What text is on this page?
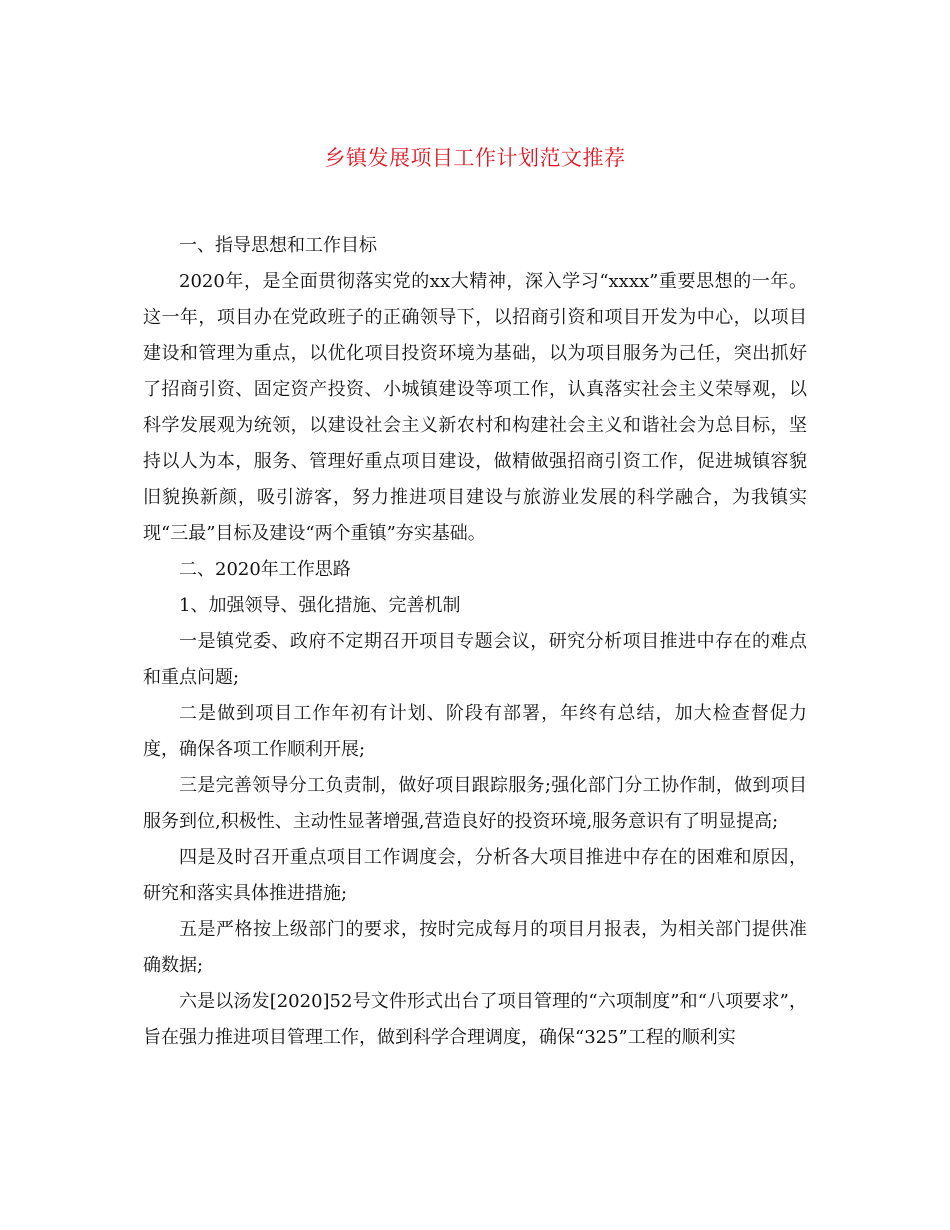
乡镇发展项目工作计划范文推荐

一、指导思想和工作目标

2020年，是全面贯彻落实党的xx大精神，深入学习“xxxx”重要思想的一年。这一年，项目办在党政班子的正确领导下，以招商引资和项目开发为中心，以项目建设和管理为重点，以优化项目投资环境为基础，以为项目服务为己任，突出抓好了招商引资、固定资产投资、小城镇建设等项工作，认真落实社会主义荣辱观，以科学发展观为统领，以建设社会主义新农村和构建社会主义和谐社会为总目标，坚持以人为本，服务、管理好重点项目建设，做精做强招商引资工作，促进城镇容貌旧貌换新颜，吸引游客，努力推进项目建设与旅游业发展的科学融合，为我镇实现“三最”目标及建设“两个重镇”夯实基础。

二、2020年工作思路

1、加强领导、强化措施、完善机制

一是镇党委、政府不定期召开项目专题会议，研究分析项目推进中存在的难点和重点问题;

二是做到项目工作年初有计划、阶段有部署，年终有总结，加大检查督促力度，确保各项工作顺利开展;

三是完善领导分工负责制，做好项目跟踪服务;强化部门分工协作制，做到项目服务到位,积极性、主动性显著增强,营造良好的投资环境,服务意识有了明显提高;

四是及时召开重点项目工作调度会，分析各大项目推进中存在的困难和原因，研究和落实具体推进措施;

五是严格按上级部门的要求，按时完成每月的项目月报表，为相关部门提供准确数据;

六是以汤发[2020]52号文件形式出台了项目管理的“六项制度”和“八项要求”，旨在强力推进项目管理工作，做到科学合理调度，确保“325”工程的顺利实
